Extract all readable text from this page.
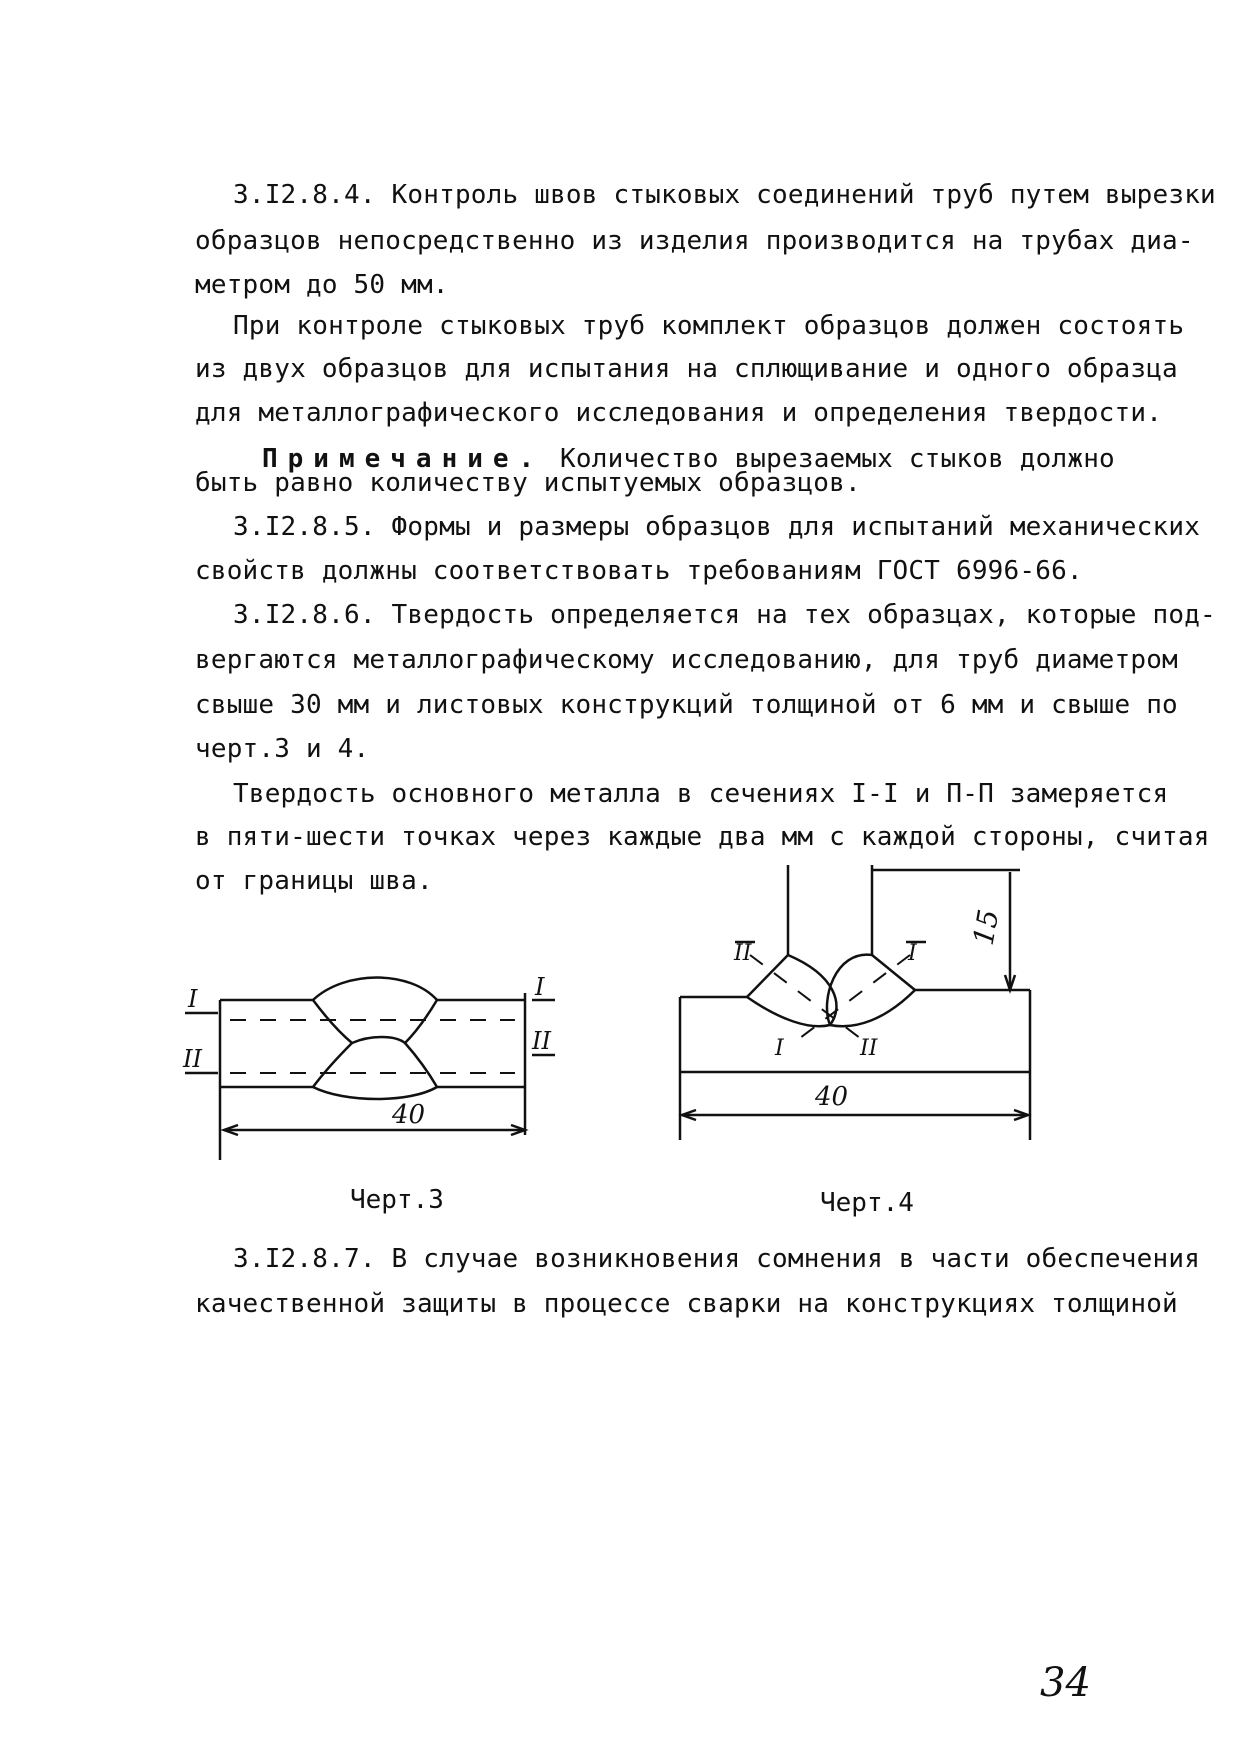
3.I2.8.4. Контроль швов стыковых соединений труб путем вырезки
образцов непосредственно из изделия производится на трубах диа-
метром до 50 мм.
При контроле стыковых труб комплект образцов должен состоять
из двух образцов для испытания на сплющивание и одного образца
для металлографического исследования и определения твердости.
Примечание. Количество вырезаемых стыков должно
быть равно количеству испытуемых образцов.
3.I2.8.5. Формы и размеры образцов для испытаний механических
свойств должны соответствовать требованиям ГОСТ 6996-66.
3.I2.8.6. Твердость определяется на тех образцах, которые под-
вергаются металлографическому исследованию, для труб диаметром
свыше 30 мм и листовых конструкций толщиной от 6 мм и свыше по
черт.3 и 4.
Твердость основного металла в сечениях I-I и П-П замеряется
в пяти-шести точках через каждые два мм с каждой стороны, считая
от границы шва.
I
II
I
II
40
II	I
I	II
15
40
Черт.3	Черт.4
3.I2.8.7. В случае возникновения сомнения в части обеспечения
качественной защиты в процессе сварки на конструкциях толщиной
34
